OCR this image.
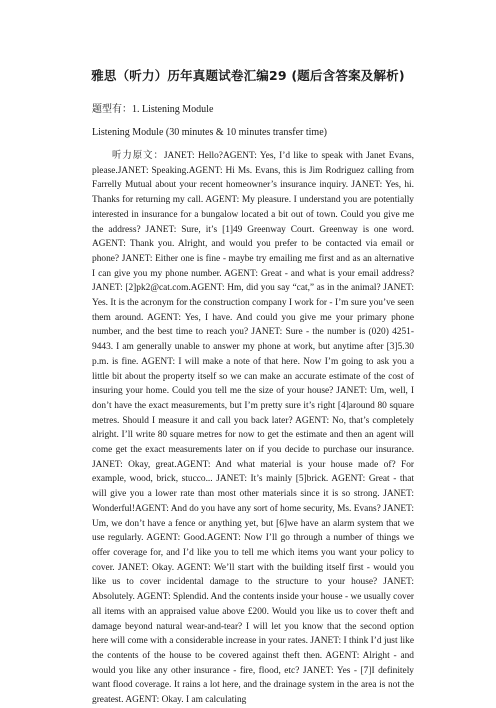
雅思（听力）历年真题试卷汇编29 (题后含答案及解析)
题型有：1. Listening Module
Listening Module (30 minutes & 10 minutes transfer time)
听力原文：JANET: Hello?AGENT: Yes, I’d like to speak with Janet Evans, please.JANET: Speaking.AGENT: Hi Ms. Evans, this is Jim Rodriguez calling from Farrelly Mutual about your recent homeowner’s insurance inquiry. JANET: Yes, hi. Thanks for returning my call. AGENT: My pleasure. I understand you are potentially interested in insurance for a bungalow located a bit out of town. Could you give me the address? JANET: Sure, it’s [1]49 Greenway Court. Greenway is one word. AGENT: Thank you. Alright, and would you prefer to be contacted via email or phone? JANET: Either one is fine - maybe try emailing me first and as an alternative I can give you my phone number. AGENT: Great - and what is your email address? JANET: [2]pk2@cat.com.AGENT: Hm, did you say “cat,” as in the animal? JANET: Yes. It is the acronym for the construction company I work for - I’m sure you’ve seen them around. AGENT: Yes, I have. And could you give me your primary phone number, and the best time to reach you? JANET: Sure - the number is (020) 4251-9443. I am generally unable to answer my phone at work, but anytime after [3]5.30 p.m. is fine. AGENT: I will make a note of that here. Now I’m going to ask you a little bit about the property itself so we can make an accurate estimate of the cost of insuring your home. Could you tell me the size of your house? JANET: Um, well, I don’t have the exact measurements, but I’m pretty sure it’s right [4]around 80 square metres. Should I measure it and call you back later? AGENT: No, that’s completely alright. I’ll write 80 square metres for now to get the estimate and then an agent will come get the exact measurements later on if you decide to purchase our insurance. JANET: Okay, great.AGENT: And what material is your house made of? For example, wood, brick, stucco... JANET: It’s mainly [5]brick. AGENT: Great - that will give you a lower rate than most other materials since it is so strong. JANET: Wonderful!AGENT: And do you have any sort of home security, Ms. Evans? JANET: Um, we don’t have a fence or anything yet, but [6]we have an alarm system that we use regularly. AGENT: Good.AGENT: Now I’ll go through a number of things we offer coverage for, and I’d like you to tell me which items you want your policy to cover. JANET: Okay. AGENT: We’ll start with the building itself first - would you like us to cover incidental damage to the structure to your house? JANET: Absolutely. AGENT: Splendid. And the contents inside your house - we usually cover all items with an appraised value above £200. Would you like us to cover theft and damage beyond natural wear-and-tear? I will let you know that the second option here will come with a considerable increase in your rates. JANET: I think I’d just like the contents of the house to be covered against theft then. AGENT: Alright - and would you like any other insurance - fire, flood, etc? JANET: Yes - [7]I definitely want flood coverage. It rains a lot here, and the drainage system in the area is not the greatest. AGENT: Okay. I am calculating
